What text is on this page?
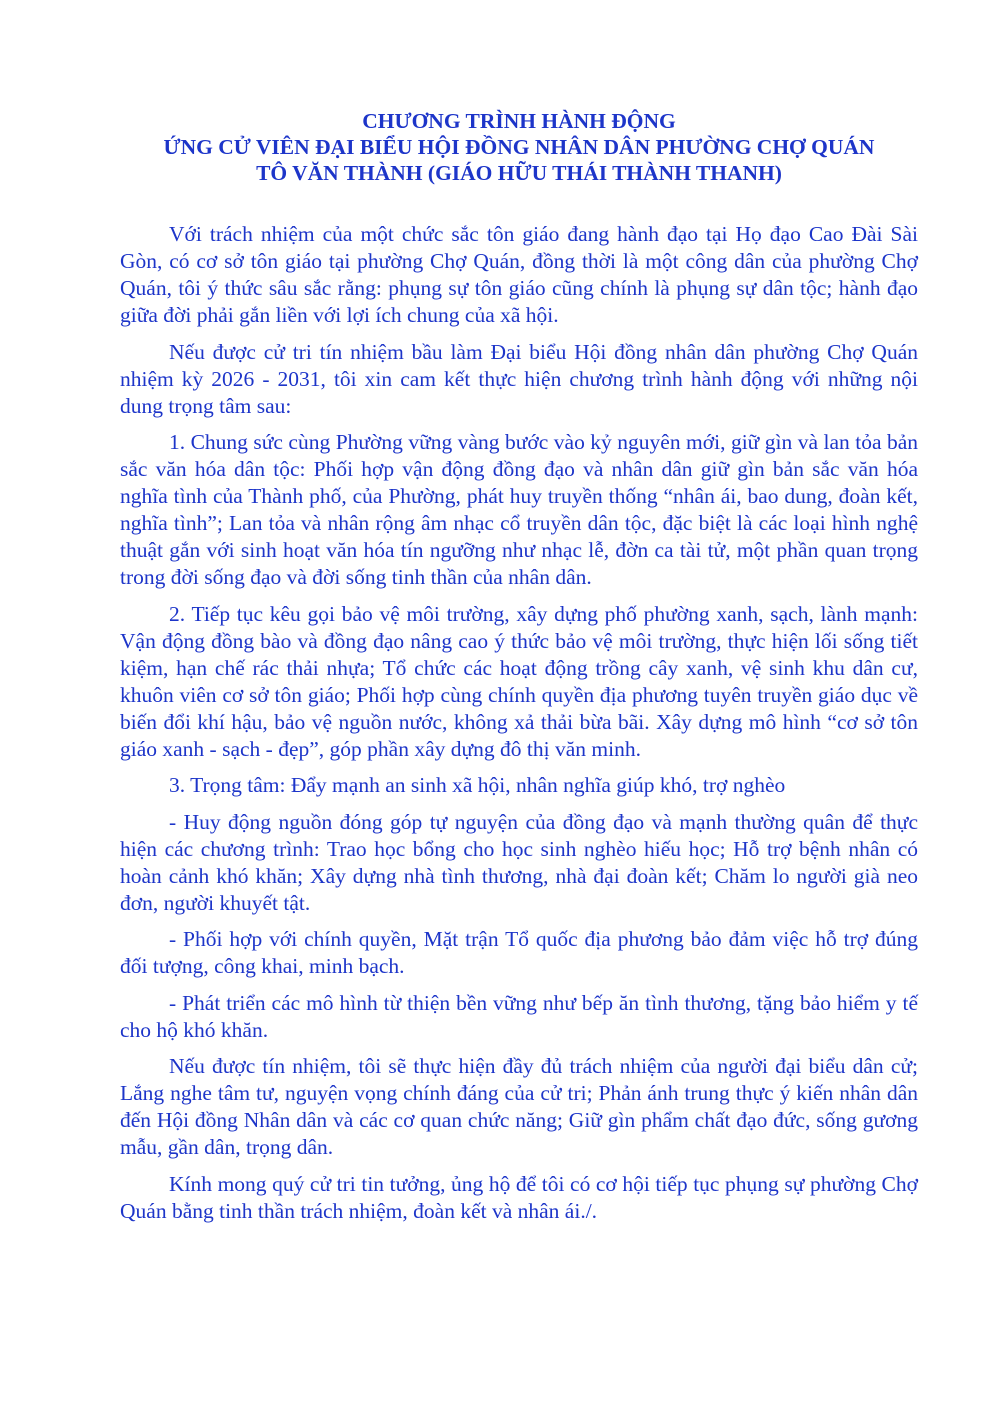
CHƯƠNG TRÌNH HÀNH ĐỘNG
ỨNG CỬ VIÊN ĐẠI BIỂU HỘI ĐỒNG NHÂN DÂN PHƯỜNG CHỢ QUÁN
TÔ VĂN THÀNH (GIÁO HỮU THÁI THÀNH THANH)

Với trách nhiệm của một chức sắc tôn giáo đang hành đạo tại Họ đạo Cao Đài Sài Gòn, có cơ sở tôn giáo tại phường Chợ Quán, đồng thời là một công dân của phường Chợ Quán, tôi ý thức sâu sắc rằng: phụng sự tôn giáo cũng chính là phụng sự dân tộc; hành đạo giữa đời phải gắn liền với lợi ích chung của xã hội.

Nếu được cử tri tín nhiệm bầu làm Đại biểu Hội đồng nhân dân phường Chợ Quán nhiệm kỳ 2026 - 2031, tôi xin cam kết thực hiện chương trình hành động với những nội dung trọng tâm sau:

1. Chung sức cùng Phường vững vàng bước vào kỷ nguyên mới, giữ gìn và lan tỏa bản sắc văn hóa dân tộc: Phối hợp vận động đồng đạo và nhân dân giữ gìn bản sắc văn hóa nghĩa tình của Thành phố, của Phường, phát huy truyền thống “nhân ái, bao dung, đoàn kết, nghĩa tình”; Lan tỏa và nhân rộng âm nhạc cổ truyền dân tộc, đặc biệt là các loại hình nghệ thuật gắn với sinh hoạt văn hóa tín ngưỡng như nhạc lễ, đờn ca tài tử, một phần quan trọng trong đời sống đạo và đời sống tinh thần của nhân dân.

2. Tiếp tục kêu gọi bảo vệ môi trường, xây dựng phố phường xanh, sạch, lành mạnh: Vận động đồng bào và đồng đạo nâng cao ý thức bảo vệ môi trường, thực hiện lối sống tiết kiệm, hạn chế rác thải nhựa; Tổ chức các hoạt động trồng cây xanh, vệ sinh khu dân cư, khuôn viên cơ sở tôn giáo; Phối hợp cùng chính quyền địa phương tuyên truyền giáo dục về biến đổi khí hậu, bảo vệ nguồn nước, không xả thải bừa bãi. Xây dựng mô hình “cơ sở tôn giáo xanh - sạch - đẹp”, góp phần xây dựng đô thị văn minh.

3. Trọng tâm: Đẩy mạnh an sinh xã hội, nhân nghĩa giúp khó, trợ nghèo

- Huy động nguồn đóng góp tự nguyện của đồng đạo và mạnh thường quân để thực hiện các chương trình: Trao học bổng cho học sinh nghèo hiếu học; Hỗ trợ bệnh nhân có hoàn cảnh khó khăn; Xây dựng nhà tình thương, nhà đại đoàn kết; Chăm lo người già neo đơn, người khuyết tật.

- Phối hợp với chính quyền, Mặt trận Tổ quốc địa phương bảo đảm việc hỗ trợ đúng đối tượng, công khai, minh bạch.

- Phát triển các mô hình từ thiện bền vững như bếp ăn tình thương, tặng bảo hiểm y tế cho hộ khó khăn.

Nếu được tín nhiệm, tôi sẽ thực hiện đầy đủ trách nhiệm của người đại biểu dân cử; Lắng nghe tâm tư, nguyện vọng chính đáng của cử tri; Phản ánh trung thực ý kiến nhân dân đến Hội đồng Nhân dân và các cơ quan chức năng; Giữ gìn phẩm chất đạo đức, sống gương mẫu, gần dân, trọng dân.

Kính mong quý cử tri tin tưởng, ủng hộ để tôi có cơ hội tiếp tục phụng sự phường Chợ Quán bằng tinh thần trách nhiệm, đoàn kết và nhân ái./.
